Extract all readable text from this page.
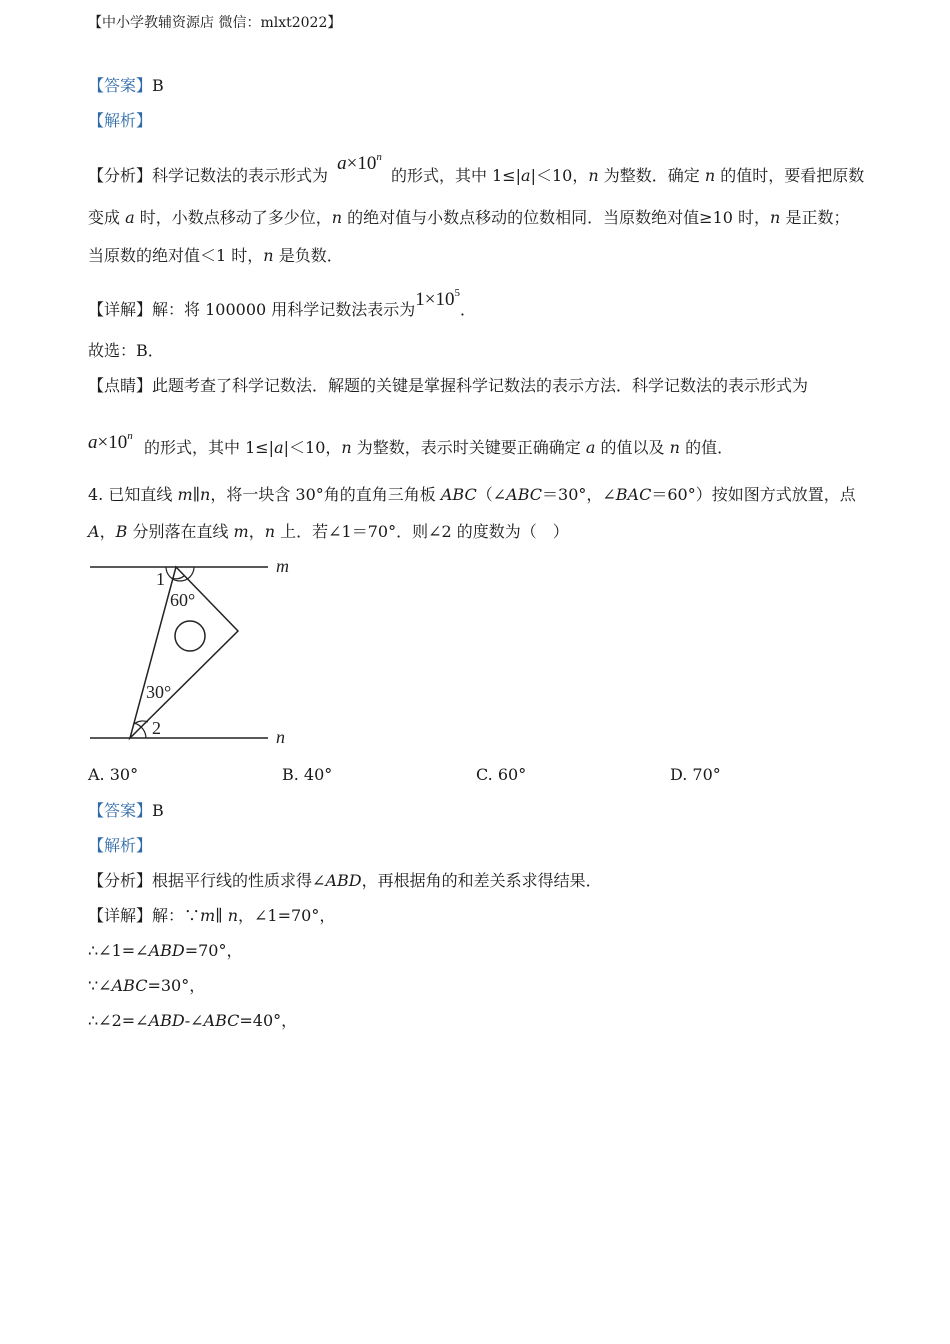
【中小学教辅资源店 微信：mlxt2022】
【答案】B
【解析】
【分析】科学记数法的表示形式为 $a\times 10^n$ 的形式，其中 1≤|a|＜10，n 为整数．确定 n 的值时，要看把原数
变成 a 时，小数点移动了多少位，n 的绝对值与小数点移动的位数相同．当原数绝对值≥10 时，n 是正数；
当原数的绝对值＜1 时，n 是负数．
【详解】解：将 100000 用科学记数法表示为$1\times 10^5$．
故选：B．
【点睛】此题考查了科学记数法．解题的关键是掌握科学记数法的表示方法．科学记数法的表示形式为
$a\times 10^n$
的形式，其中 1≤|a|＜10，n 为整数，表示时关键要正确确定 a 的值以及 n 的值．
4. 已知直线 m∥n，将一块含 30°角的直角三角板 ABC（∠ABC＝30°，∠BAC＝60°）按如图方式放置，点
A，B 分别落在直线 m，n 上．若∠1＝70°．则∠2 的度数为（　）
m
n
1
60°
30°
2
A. 30°	B. 40°	C. 60°	D. 70°
【答案】B
【解析】
【分析】根据平行线的性质求得∠ABD，再根据角的和差关系求得结果．
【详解】解：∵m∥ n，∠1=70°，
∴∠1=∠ABD=70°，
∵∠ABC=30°，
∴∠2=∠ABD-∠ABC=40°，
